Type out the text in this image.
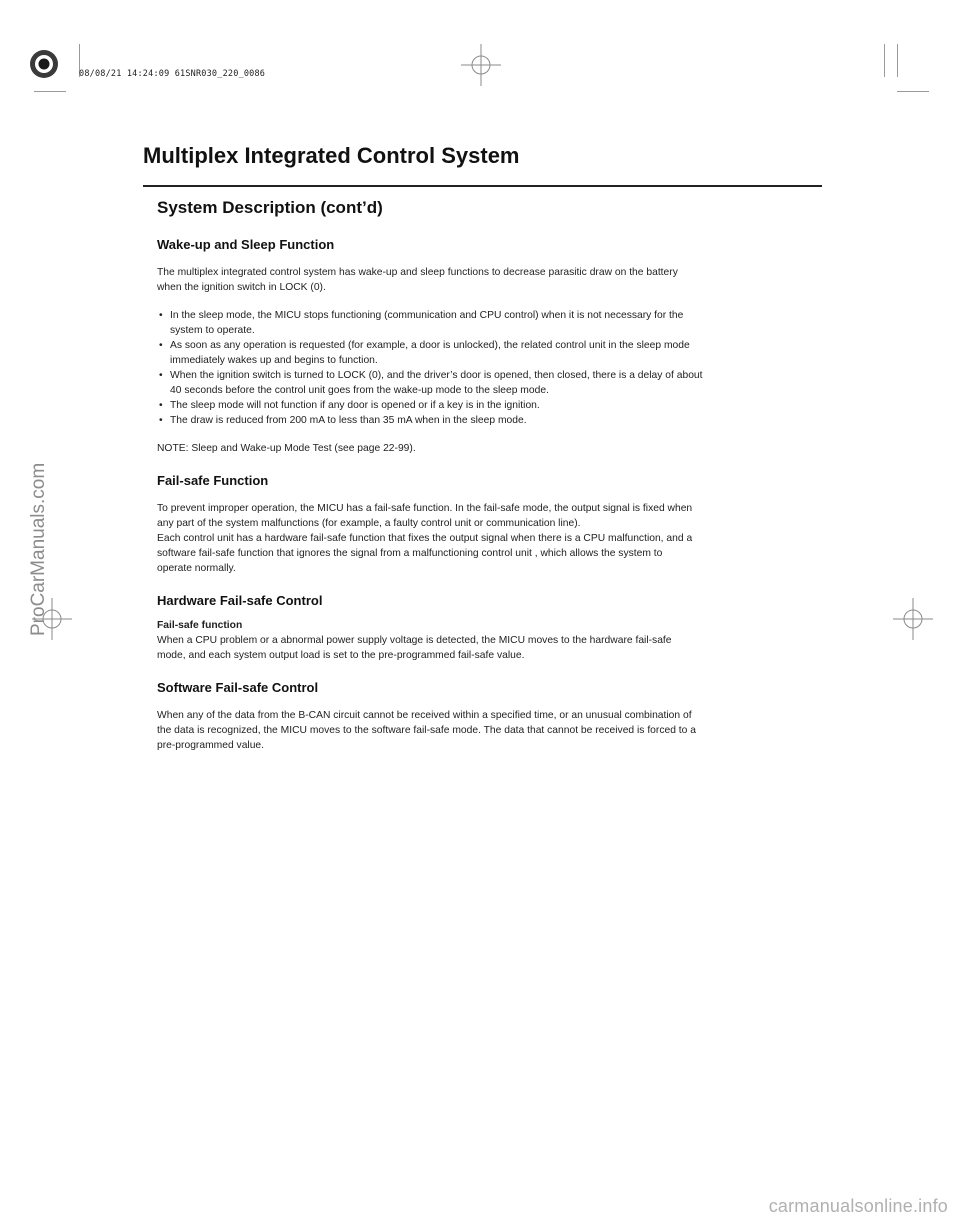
08/08/21 14:24:09 61SNR030_220_0086
Multiplex Integrated Control System
System Description (cont’d)
Wake-up and Sleep Function

The multiplex integrated control system has wake-up and sleep functions to decrease parasitic draw on the battery

when the ignition switch in LOCK (0).

• In the sleep mode, the MICU stops functioning (communication and CPU control) when it is not necessary for the
system to operate.
• As soon as any operation is requested (for example, a door is unlocked), the related control unit in the sleep mode
immediately wakes up and begins to function.
• When the ignition switch is turned to LOCK (0), and the driver’s door is opened, then closed, there is a delay of about
40 seconds before the control unit goes from the wake-up mode to the sleep mode.
• The sleep mode will not function if any door is opened or if a key is in the ignition.
• The draw is reduced from 200 mA to less than 35 mA when in the sleep mode.

NOTE: Sleep and Wake-up Mode Test (see page 22-99).

Fail-safe Function

To prevent improper operation, the MICU has a fail-safe function. In the fail-safe mode, the output signal is fixed when

any part of the system malfunctions (for example, a faulty control unit or communication line).

Each control unit has a hardware fail-safe function that fixes the output signal when there is a CPU malfunction, and a

software fail-safe function that ignores the signal from a malfunctioning control unit , which allows the system to

operate normally.

Hardware Fail-safe Control

Fail-safe function

When a CPU problem or a abnormal power supply voltage is detected, the MICU moves to the hardware fail-safe

mode, and each system output load is set to the pre-programmed fail-safe value.

Software Fail-safe Control

When any of the data from the B-CAN circuit cannot be received within a specified time, or an unusual combination of

the data is recognized, the MICU moves to the software fail-safe mode. The data that cannot be received is forced to a

pre-programmed value.

ProCarManuals.com
carmanualsonline.info
